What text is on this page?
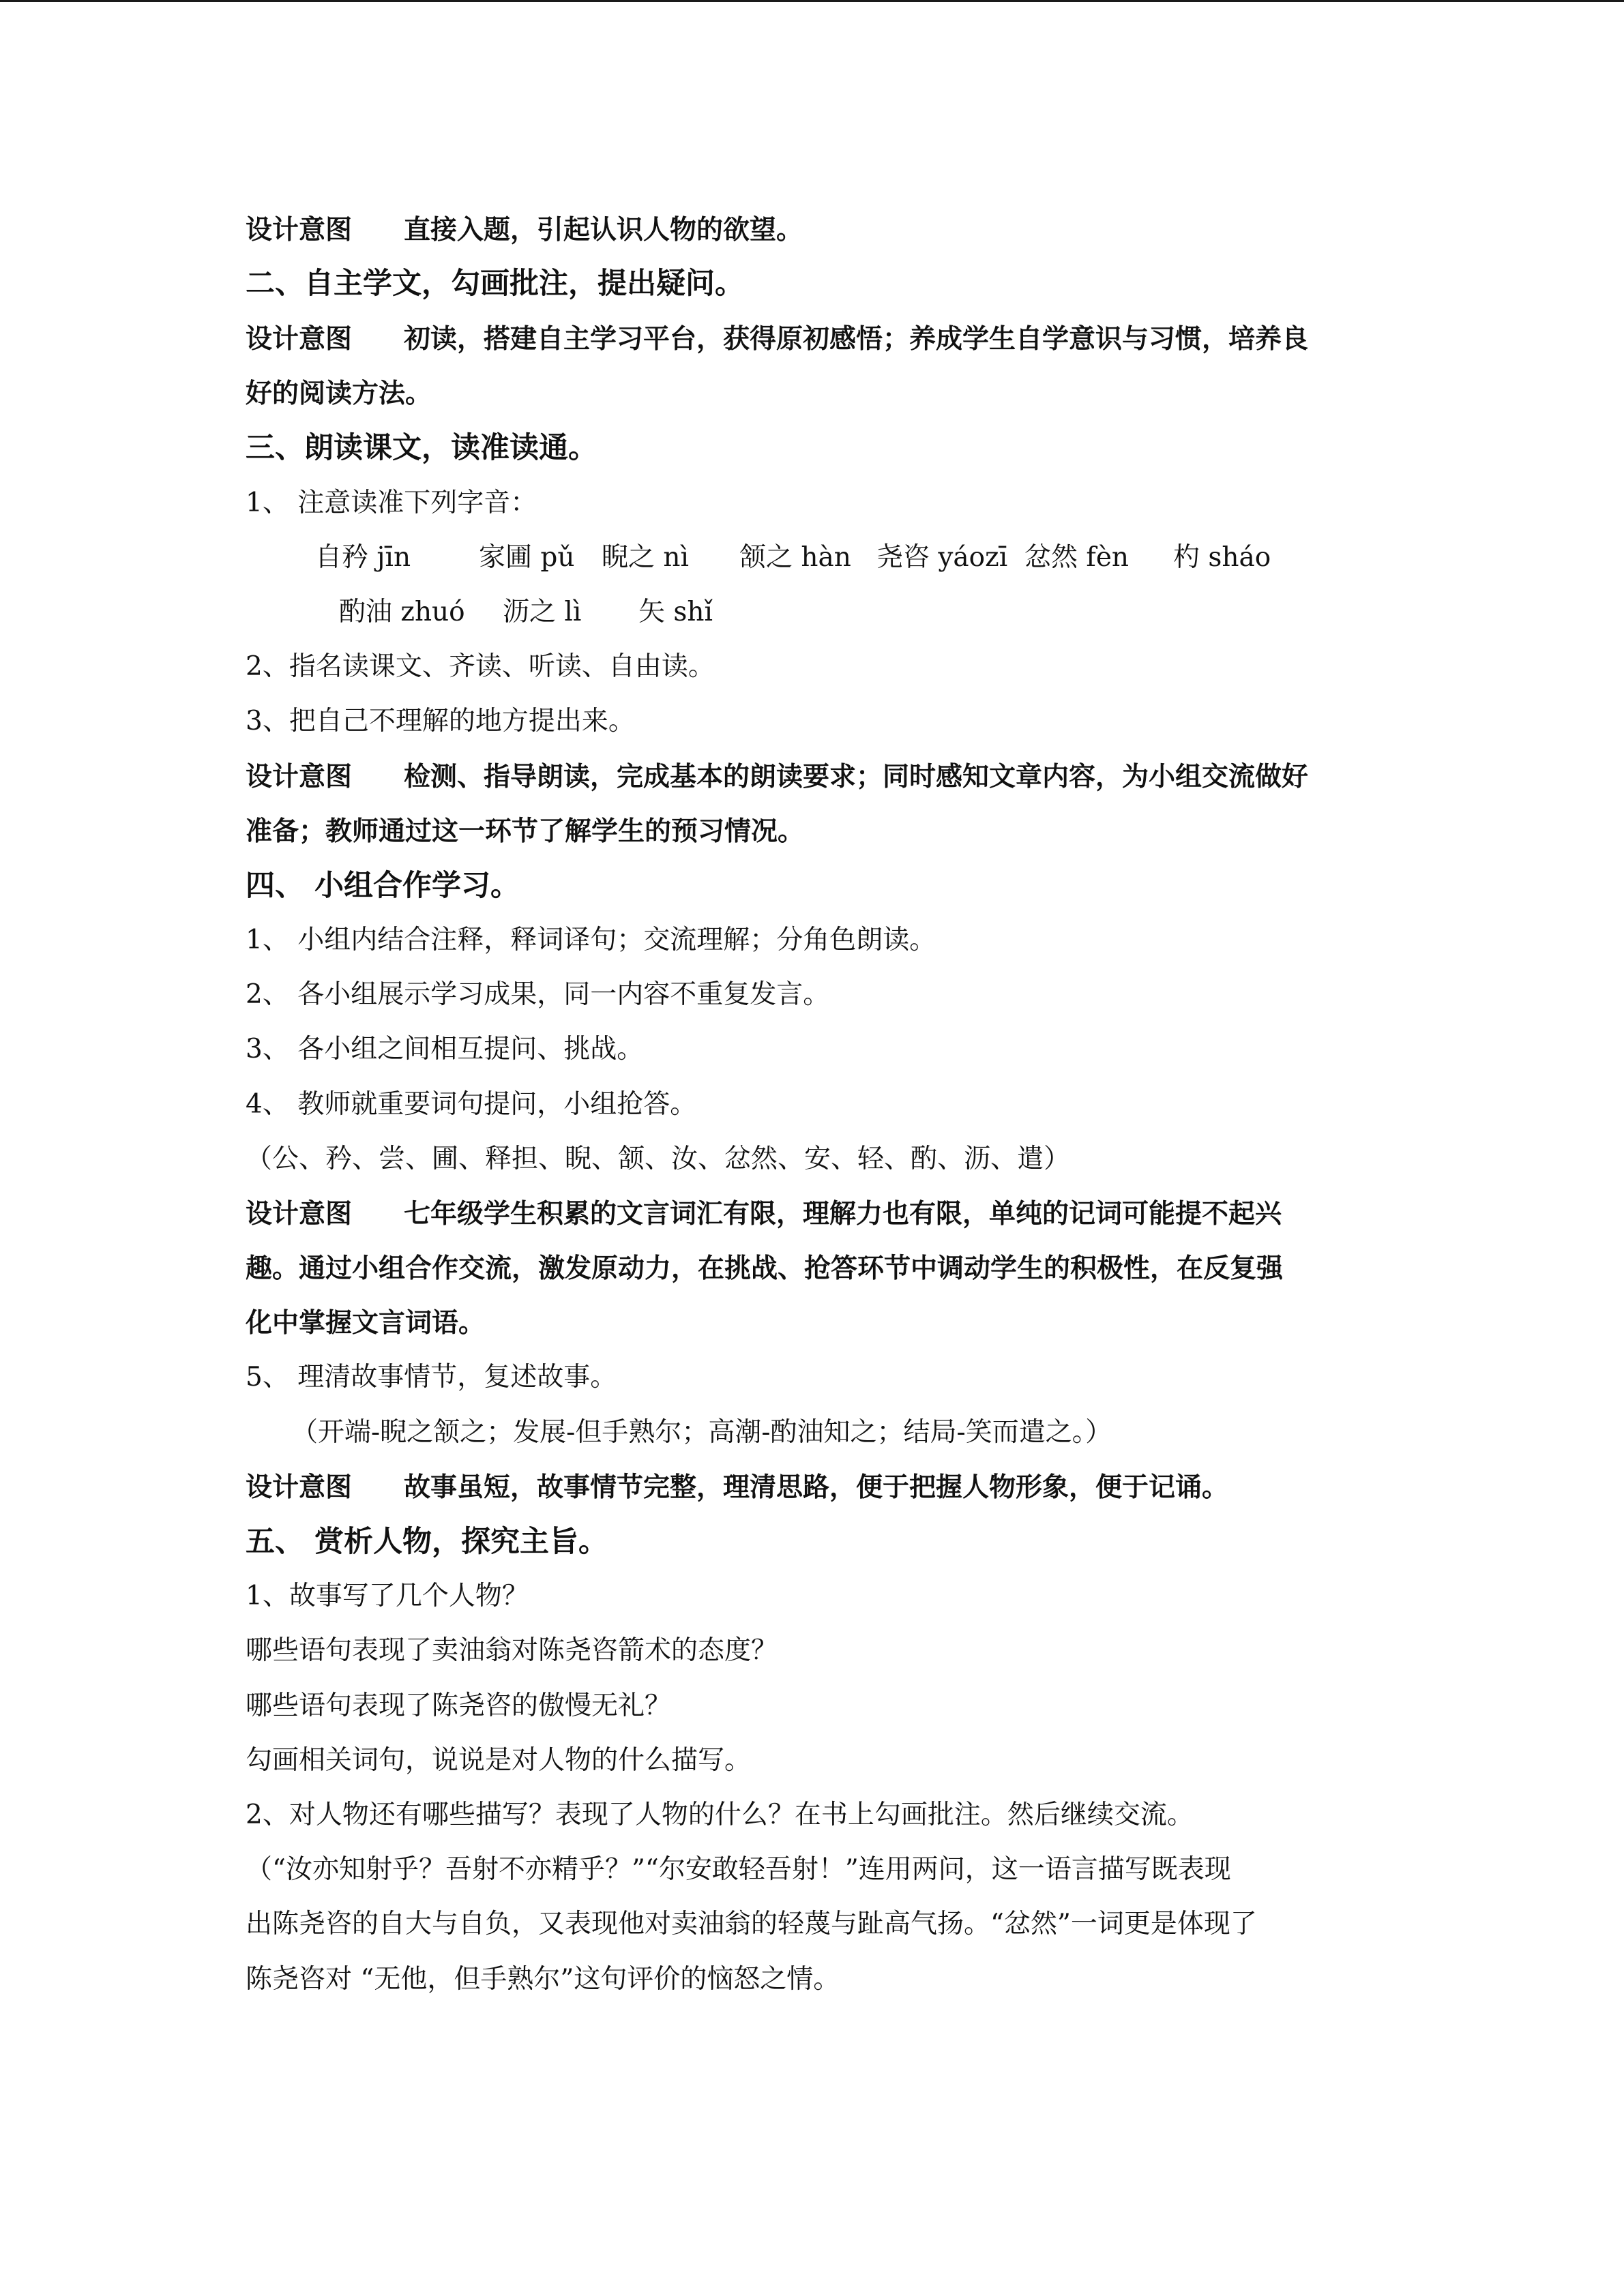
设计意图 直接入题，引起认识人物的欲望。
二、自主学文，勾画批注，提出疑问。
设计意图 初读，搭建自主学习平台，获得原初感悟；养成学生自学意识与习惯，培养良
好的阅读方法。
三、朗读课文，读准读通。
1、 注意读准下列字音：
自矜 jīn	家圃 pǔ 睨之 nì 颔之 hàn 尧咨 yáozī 忿然 fèn 杓 sháo
酌油 zhuó 沥之 lì 矢 shǐ
2、指名读课文、齐读、听读、自由读。
3、把自己不理解的地方提出来。
设计意图 检测、指导朗读，完成基本的朗读要求；同时感知文章内容，为小组交流做好
准备；教师通过这一环节了解学生的预习情况。
四、 小组合作学习。
1、 小组内结合注释，释词译句；交流理解；分角色朗读。
2、 各小组展示学习成果，同一内容不重复发言。
3、 各小组之间相互提问、挑战。
4、 教师就重要词句提问，小组抢答。
（公、矜、尝、圃、释担、睨、颔、汝、忿然、安、轻、酌、沥、遣）
设计意图 七年级学生积累的文言词汇有限，理解力也有限，单纯的记词可能提不起兴
趣。通过小组合作交流，激发原动力，在挑战、抢答环节中调动学生的积极性，在反复强
化中掌握文言词语。
5、 理清故事情节，复述故事。
（开端-睨之颔之；发展-但手熟尔；高潮-酌油知之；结局-笑而遣之。）
设计意图 故事虽短，故事情节完整，理清思路，便于把握人物形象，便于记诵。
五、 赏析人物，探究主旨。
1、故事写了几个人物？
哪些语句表现了卖油翁对陈尧咨箭术的态度？
哪些语句表现了陈尧咨的傲慢无礼？
勾画相关词句，说说是对人物的什么描写。
2、对人物还有哪些描写？表现了人物的什么？在书上勾画批注。然后继续交流。
（“汝亦知射乎？吾射不亦精乎？”“尔安敢轻吾射！”连用两问，这一语言描写既表现
出陈尧咨的自大与自负，又表现他对卖油翁的轻蔑与趾高气扬。“忿然”一词更是体现了
陈尧咨对 “无他，但手熟尔”这句评价的恼怒之情。
